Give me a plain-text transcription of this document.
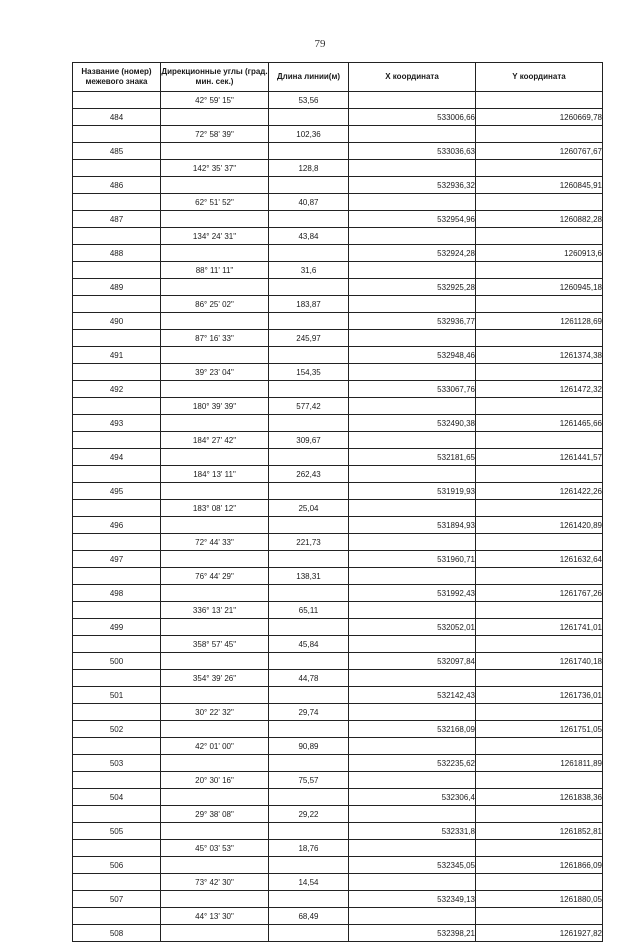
79
Название (номер) межевого знака	Дирекционные углы (град. мин. сек.)	Длина линии(м)	X координата	Y координата
	42° 59' 15"	53,56		
484			533006,66	1260669,78
	72° 58' 39"	102,36		
485			533036,63	1260767,67
	142° 35' 37"	128,8		
486			532936,32	1260845,91
	62° 51' 52"	40,87		
487			532954,96	1260882,28
	134° 24' 31"	43,84		
488			532924,28	1260913,6
	88° 11' 11"	31,6		
489			532925,28	1260945,18
	86° 25' 02"	183,87		
490			532936,77	1261128,69
	87° 16' 33"	245,97		
491			532948,46	1261374,38
	39° 23' 04"	154,35		
492			533067,76	1261472,32
	180° 39' 39"	577,42		
493			532490,38	1261465,66
	184° 27' 42"	309,67		
494			532181,65	1261441,57
	184° 13' 11"	262,43		
495			531919,93	1261422,26
	183° 08' 12"	25,04		
496			531894,93	1261420,89
	72° 44' 33"	221,73		
497			531960,71	1261632,64
	76° 44' 29"	138,31		
498			531992,43	1261767,26
	336° 13' 21"	65,11		
499			532052,01	1261741,01
	358° 57' 45"	45,84		
500			532097,84	1261740,18
	354° 39' 26"	44,78		
501			532142,43	1261736,01
	30° 22' 32"	29,74		
502			532168,09	1261751,05
	42° 01' 00"	90,89		
503			532235,62	1261811,89
	20° 30' 16"	75,57		
504			532306,4	1261838,36
	29° 38' 08"	29,22		
505			532331,8	1261852,81
	45° 03' 53"	18,76		
506			532345,05	1261866,09
	73° 42' 30"	14,54		
507			532349,13	1261880,05
	44° 13' 30"	68,49		
508			532398,21	1261927,82
